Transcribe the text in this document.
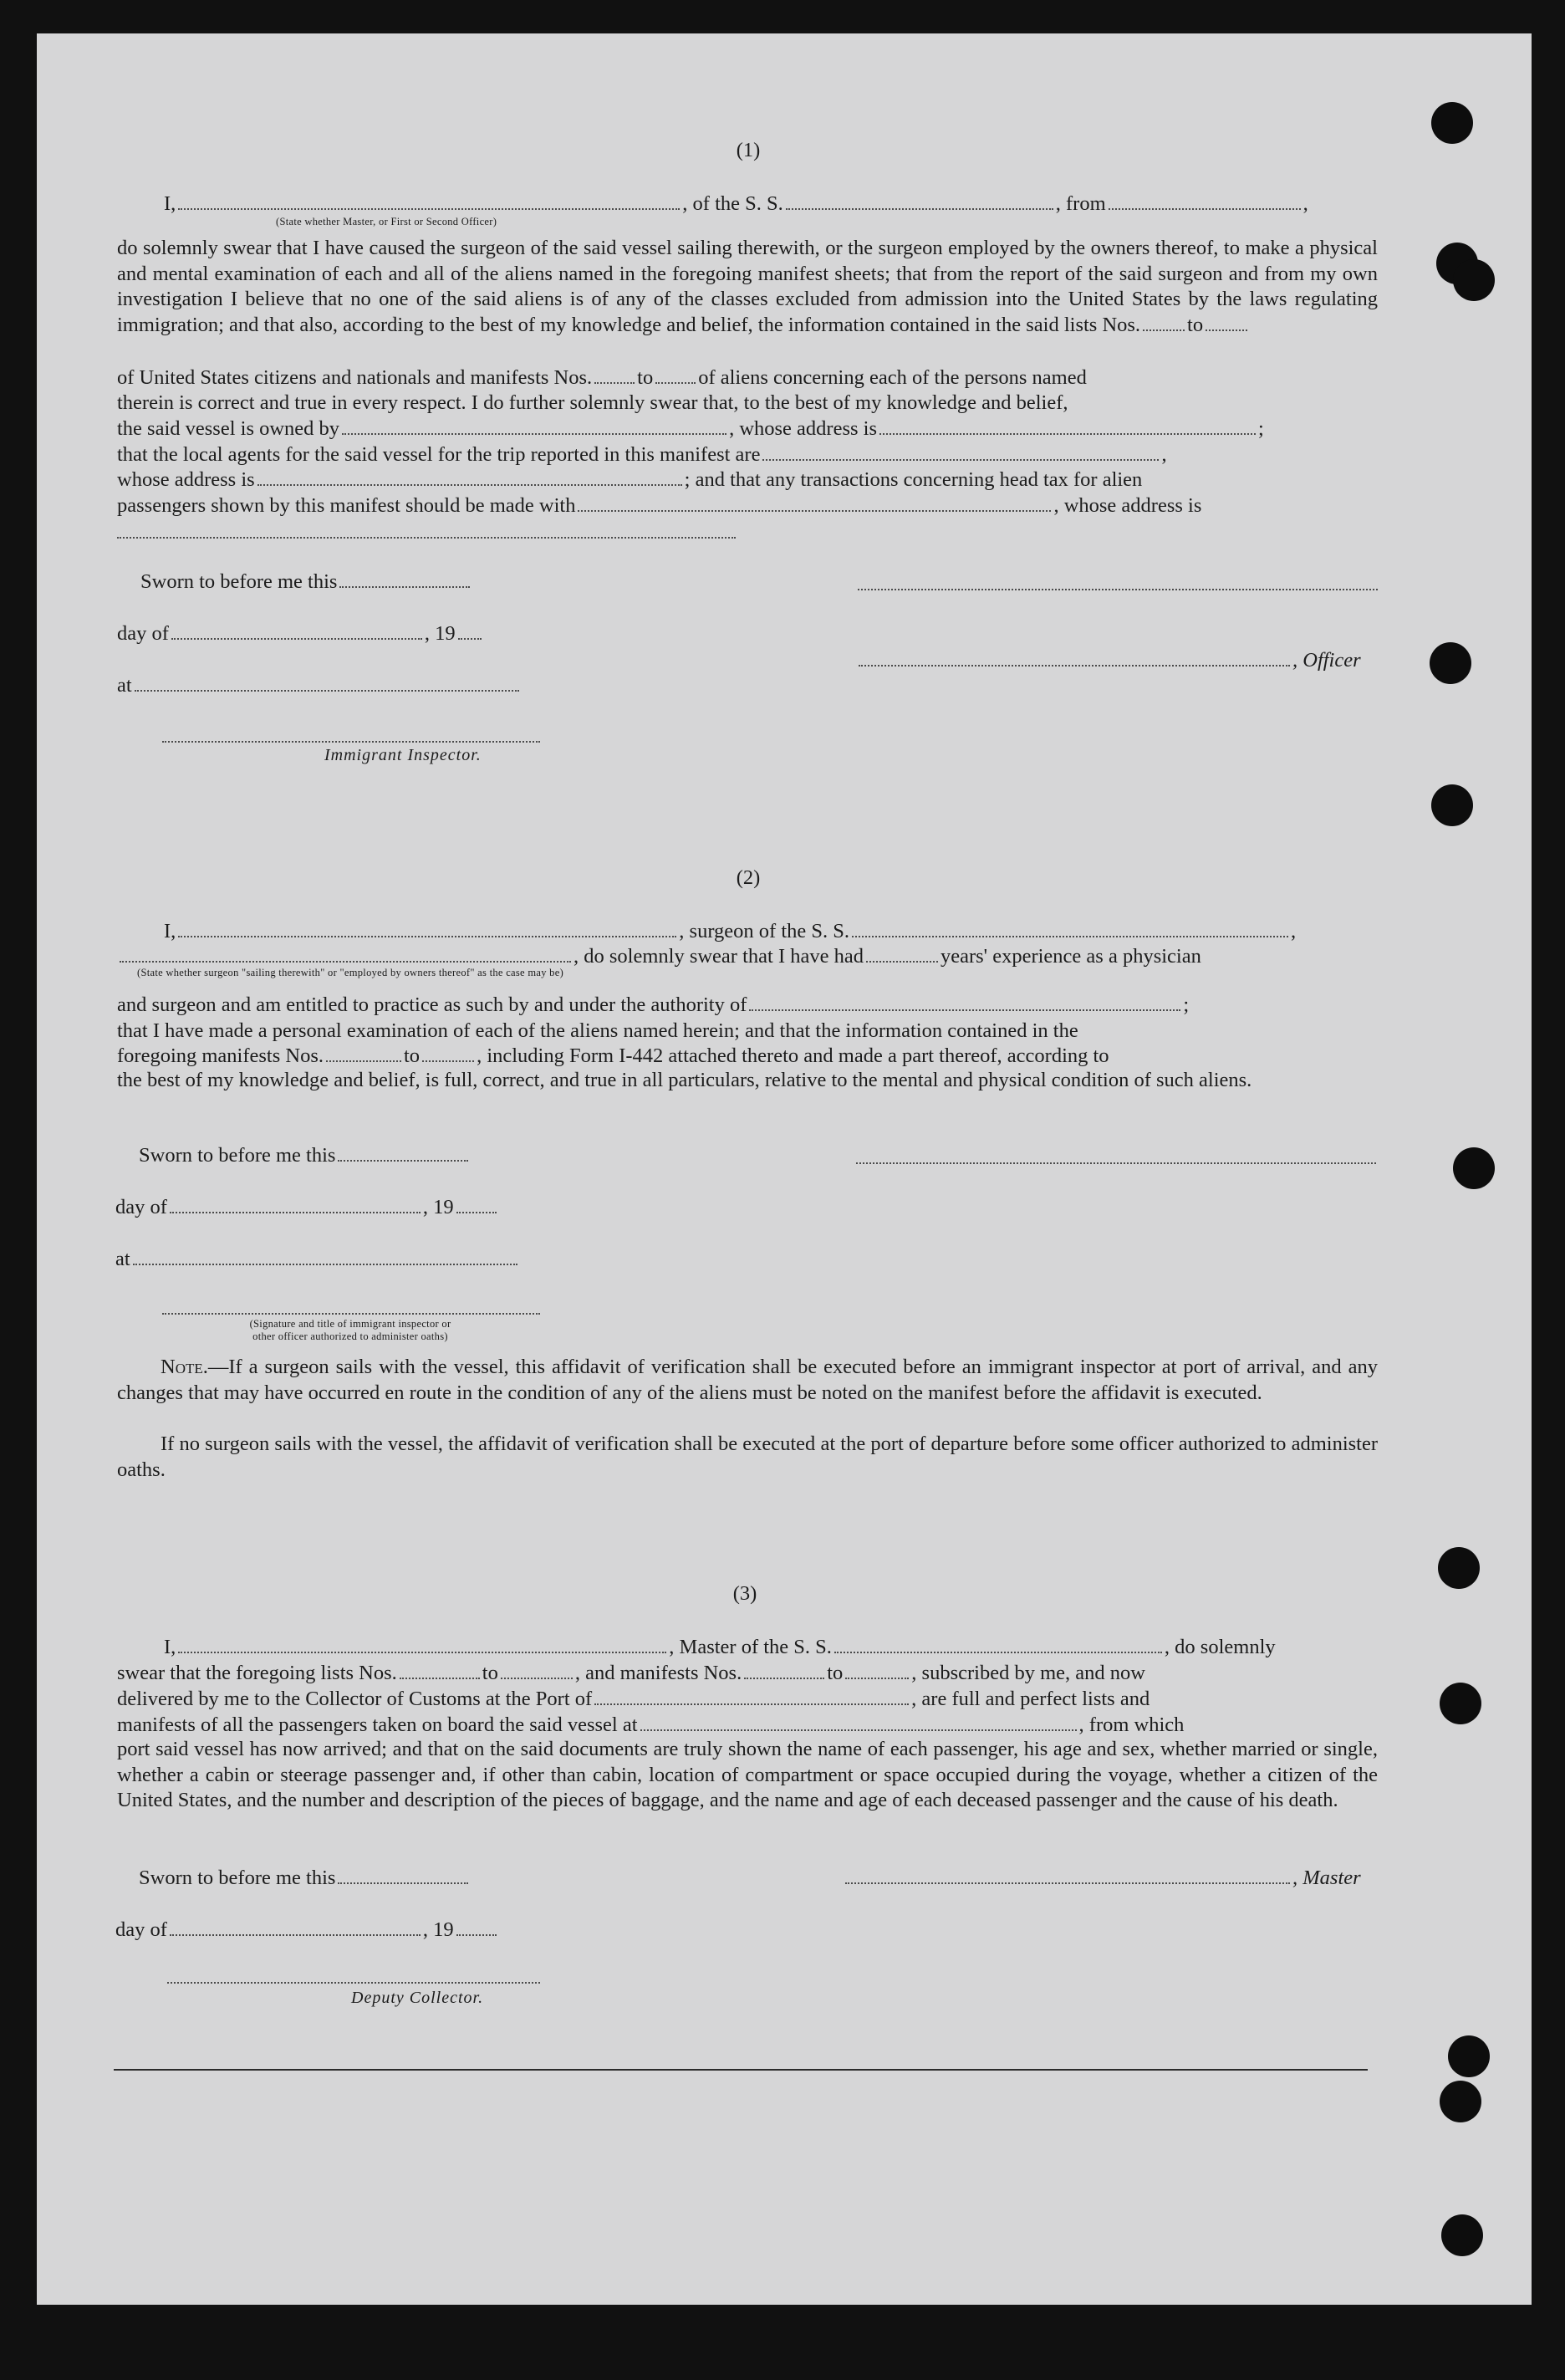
(1)
I,	, of the S. S.	, from	,
(State whether Master, or First or Second Officer)
do solemnly swear that I have caused the surgeon of the said vessel sailing therewith, or the surgeon employed by the owners thereof, to make a physical and mental examination of each and all of the aliens named in the foregoing manifest sheets; that from the report of the said surgeon and from my own investigation I believe that no one of the said aliens is of any of the classes excluded from admission into the United States by the laws regulating immigration; and that also, according to the best of my knowledge and belief, the information contained in the said lists Nos. to
of United States citizens and nationals and manifests Nos. to of aliens concerning each of the persons named
therein is correct and true in every respect. I do further solemnly swear that, to the best of my knowledge and belief,
the said vessel is owned by	, whose address is	;
that the local agents for the said vessel for the trip reported in this manifest are	,
whose address is	; and that any transactions concerning head tax for alien
passengers shown by this manifest should be made with	, whose address is
Sworn to before me this
day of	, 19
, Officer
at
Immigrant Inspector.
(2)
I,	, surgeon of the S. S.	,
, do solemnly swear that I have had	years' experience as a physician
(State whether surgeon "sailing therewith" or "employed by owners thereof" as the case may be)
and surgeon and am entitled to practice as such by and under the authority of	;
that I have made a personal examination of each of the aliens named herein; and that the information contained in the
foregoing manifests Nos.	to	, including Form I-442 attached thereto and made a part thereof, according to
the best of my knowledge and belief, is full, correct, and true in all particulars, relative to the mental and physical condition of such aliens.
Sworn to before me this
day of	, 19
at
(Signature and title of immigrant inspector or
other officer authorized to administer oaths)
Note.—If a surgeon sails with the vessel, this affidavit of verification shall be executed before an immigrant inspector at port of arrival, and any changes that may have occurred en route in the condition of any of the aliens must be noted on the manifest before the affidavit is executed.
If no surgeon sails with the vessel, the affidavit of verification shall be executed at the port of departure before some officer authorized to administer oaths.
(3)
I,	, Master of the S. S.	, do solemnly
swear that the foregoing lists Nos.	to	, and manifests Nos.	to	, subscribed by me, and now
delivered by me to the Collector of Customs at the Port of	, are full and perfect lists and
manifests of all the passengers taken on board the said vessel at	, from which
port said vessel has now arrived; and that on the said documents are truly shown the name of each passenger, his age and sex, whether married or single, whether a cabin or steerage passenger and, if other than cabin, location of compartment or space occupied during the voyage, whether a citizen of the United States, and the number and description of the pieces of baggage, and the name and age of each deceased passenger and the cause of his death.
Sworn to before me this	, Master
day of	, 19
Deputy Collector.
